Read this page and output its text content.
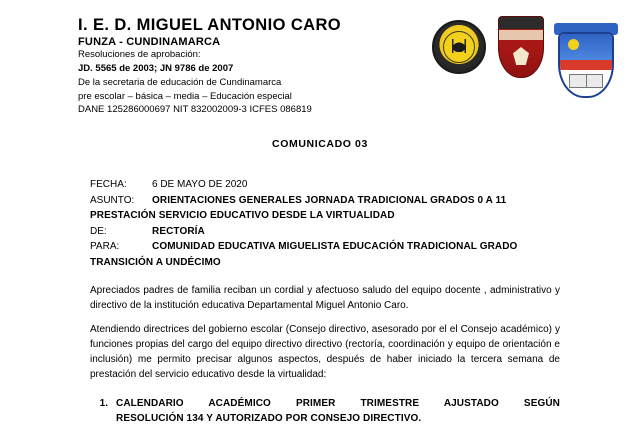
I. E. D. MIGUEL ANTONIO CARO
FUNZA - CUNDINAMARCA
Resoluciones de aprobación:
JD. 5565 de 2003; JN 9786 de 2007
De la secretaria de educación de Cundinamarca
pre escolar – básica – media – Educación especial
DANE 125286000697 NIT 832002009-3 ICFES 086819
COMUNICADO 03
FECHA:	6 DE MAYO DE 2020
ASUNTO:	ORIENTACIONES GENERALES JORNADA TRADICIONAL GRADOS 0 A 11
PRESTACIÓN SERVICIO EDUCATIVO DESDE LA VIRTUALIDAD
DE:	RECTORÍA
PARA:	COMUNIDAD EDUCATIVA MIGUELISTA EDUCACIÓN TRADICIONAL GRADO
TRANSICIÓN A UNDÉCIMO
Apreciados padres de familia reciban un cordial y afectuoso saludo del equipo docente , administrativo y directivo de la institución educativa Departamental Miguel Antonio Caro.
Atendiendo directrices del gobierno escolar (Consejo directivo, asesorado por el el Consejo académico) y funciones propias del cargo del equipo directivo directivo (rectoría, coordinación y equipo de orientación e inclusión) me permito precisar algunos aspectos, después de haber iniciado la tercera semana de prestación del servicio educativo desde la virtualidad:
1. CALENDARIO ACADÉMICO PRIMER TRIMESTRE AJUSTADO SEGÚN
RESOLUCIÓN 134 Y AUTORIZADO POR CONSEJO DIRECTIVO.
